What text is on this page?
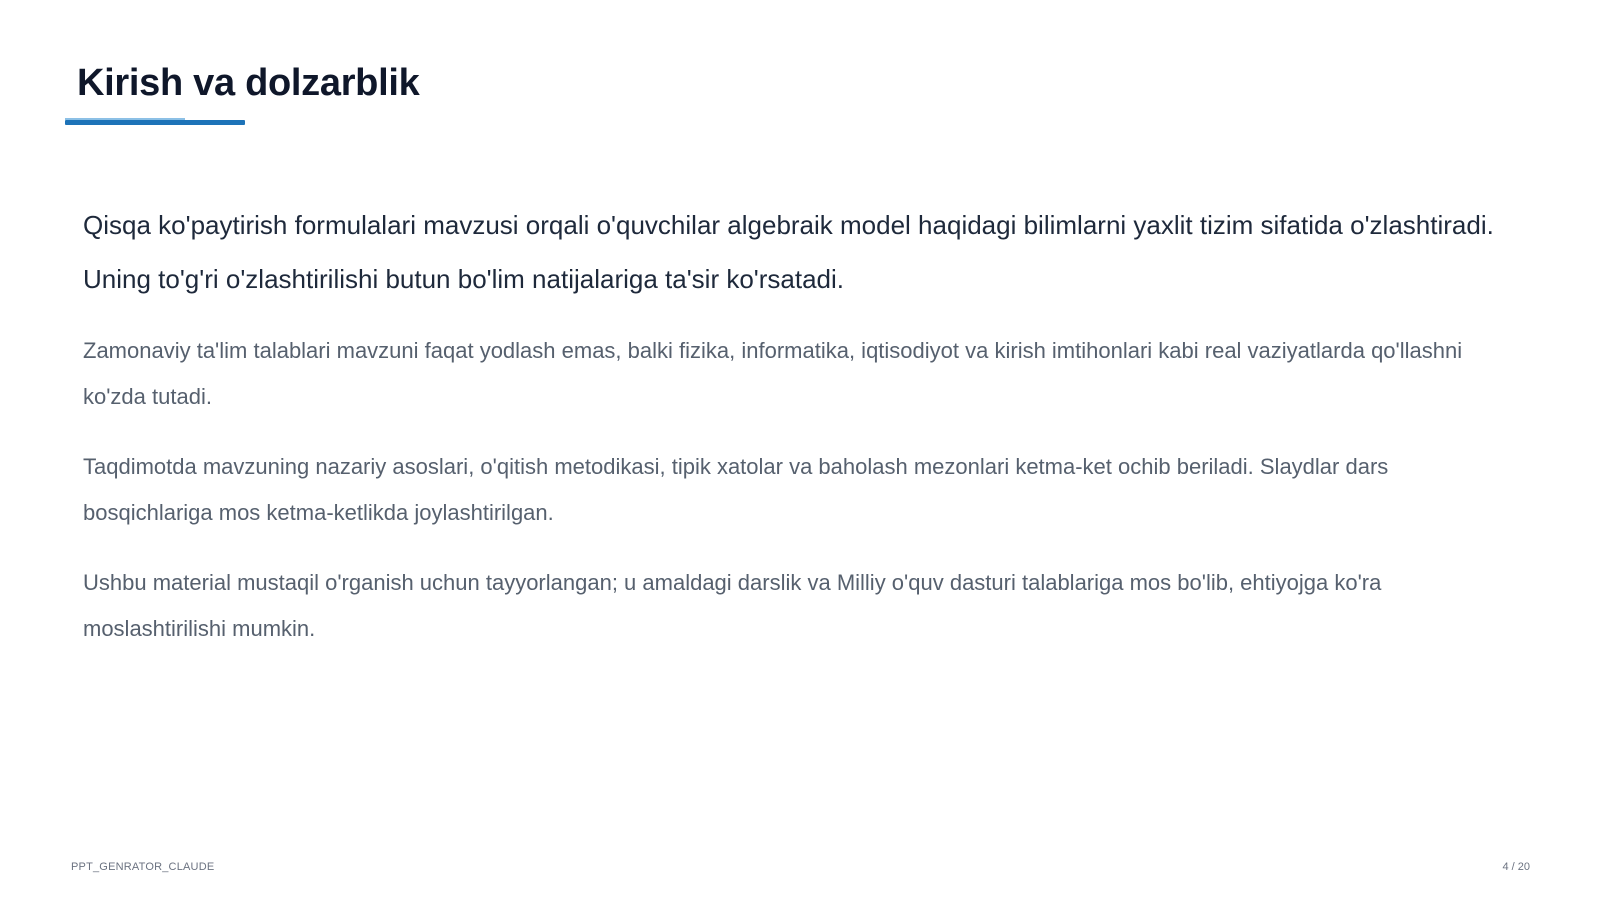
Kirish va dolzarblik

Qisqa ko'paytirish formulalari mavzusi orqali o'quvchilar algebraik model haqidagi bilimlarni yaxlit tizim sifatida o'zlashtiradi. Uning to'g'ri o'zlashtirilishi butun bo'lim natijalariga ta'sir ko'rsatadi.

Zamonaviy ta'lim talablari mavzuni faqat yodlash emas, balki fizika, informatika, iqtisodiyot va kirish imtihonlari kabi real vaziyatlarda qo'llashni ko'zda tutadi.

Taqdimotda mavzuning nazariy asoslari, o'qitish metodikasi, tipik xatolar va baholash mezonlari ketma-ket ochib beriladi. Slaydlar dars bosqichlariga mos ketma-ketlikda joylashtirilgan.

Ushbu material mustaqil o'rganish uchun tayyorlangan; u amaldagi darslik va Milliy o'quv dasturi talablariga mos bo'lib, ehtiyojga ko'ra moslashtirilishi mumkin.

PPT_GENRATOR_CLAUDE	4 / 20
